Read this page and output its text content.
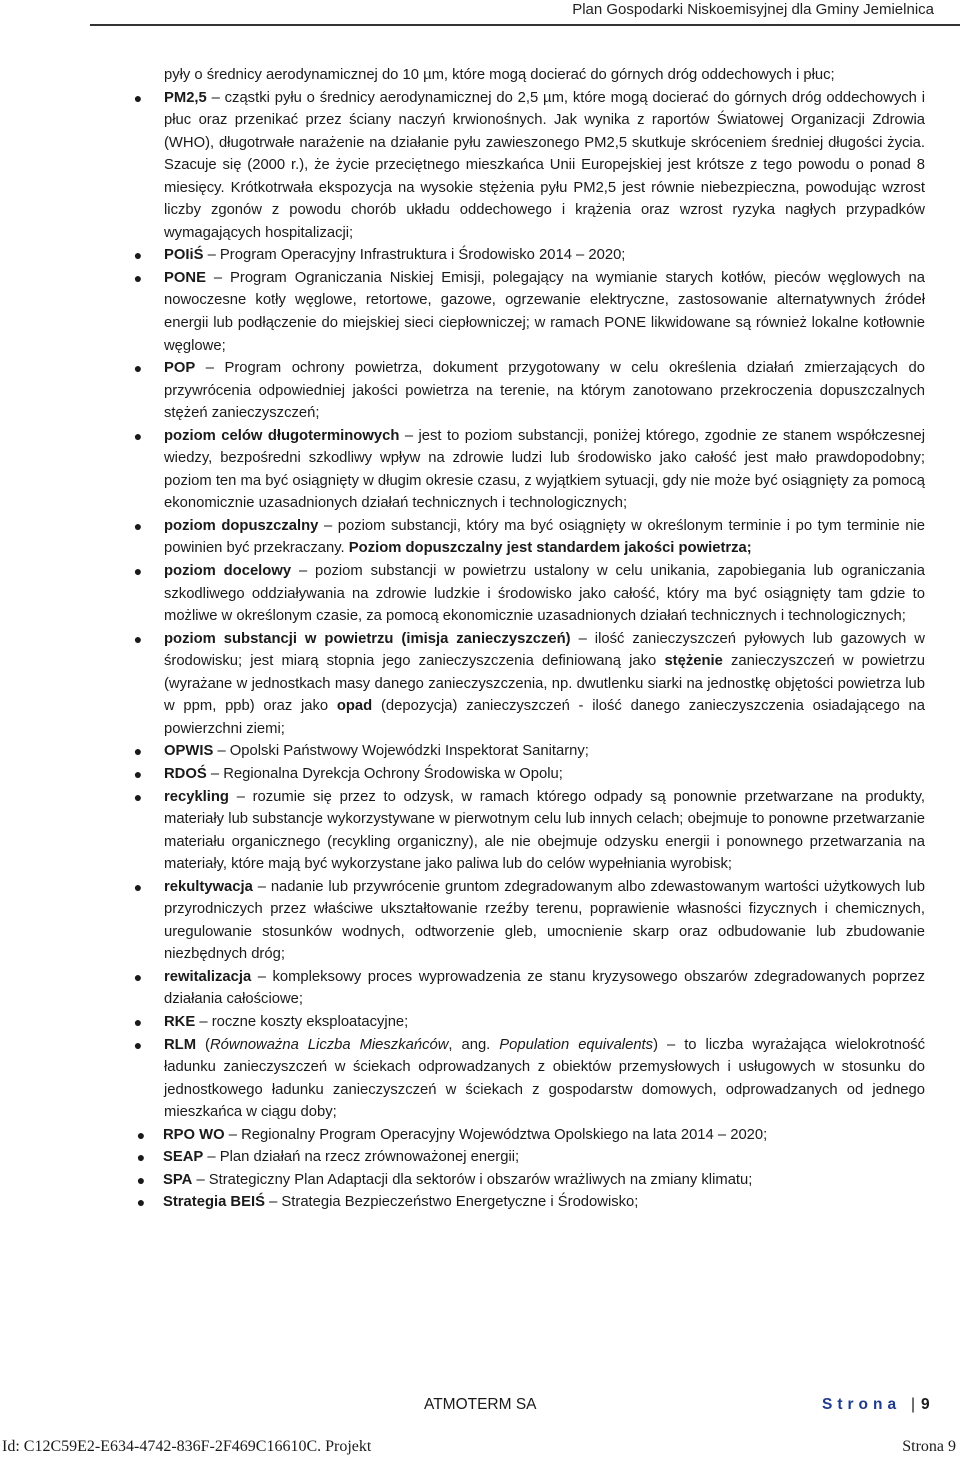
Plan Gospodarki Niskoemisyjnej dla Gminy Jemielnica
pyły o średnicy aerodynamicznej do 10 µm, które mogą docierać do górnych dróg oddechowych i płuc;
● PM2,5 – cząstki pyłu o średnicy aerodynamicznej do 2,5 µm, które mogą docierać do górnych dróg oddechowych i płuc oraz przenikać przez ściany naczyń krwionośnych. Jak wynika z raportów Światowej Organizacji Zdrowia (WHO), długotrwałe narażenie na działanie pyłu zawieszonego PM2,5 skutkuje skróceniem średniej długości życia. Szacuje się (2000 r.), że życie przeciętnego mieszkańca Unii Europejskiej jest krótsze z tego powodu o ponad 8 miesięcy. Krótkotrwała ekspozycja na wysokie stężenia pyłu PM2,5 jest równie niebezpieczna, powodując wzrost liczby zgonów z powodu chorób układu oddechowego i krążenia oraz wzrost ryzyka nagłych przypadków wymagających hospitalizacji;
● POIiŚ – Program Operacyjny Infrastruktura i Środowisko 2014 – 2020;
● PONE – Program Ograniczania Niskiej Emisji, polegający na wymianie starych kotłów, pieców węglowych na nowoczesne kotły węglowe, retortowe, gazowe, ogrzewanie elektryczne, zastosowanie alternatywnych źródeł energii lub podłączenie do miejskiej sieci ciepłowniczej; w ramach PONE likwidowane są również lokalne kotłownie węglowe;
● POP – Program ochrony powietrza, dokument przygotowany w celu określenia działań zmierzających do przywrócenia odpowiedniej jakości powietrza na terenie, na którym zanotowano przekroczenia dopuszczalnych stężeń zanieczyszczeń;
● poziom celów długoterminowych – jest to poziom substancji, poniżej którego, zgodnie ze stanem współczesnej wiedzy, bezpośredni szkodliwy wpływ na zdrowie ludzi lub środowisko jako całość jest mało prawdopodobny; poziom ten ma być osiągnięty w długim okresie czasu, z wyjątkiem sytuacji, gdy nie może być osiągnięty za pomocą ekonomicznie uzasadnionych działań technicznych i technologicznych;
● poziom dopuszczalny – poziom substancji, który ma być osiągnięty w określonym terminie i po tym terminie nie powinien być przekraczany. Poziom dopuszczalny jest standardem jakości powietrza;
● poziom docelowy – poziom substancji w powietrzu ustalony w celu unikania, zapobiegania lub ograniczania szkodliwego oddziaływania na zdrowie ludzkie i środowisko jako całość, który ma być osiągnięty tam gdzie to możliwe w określonym czasie, za pomocą ekonomicznie uzasadnionych działań technicznych i technologicznych;
● poziom substancji w powietrzu (imisja zanieczyszczeń) – ilość zanieczyszczeń pyłowych lub gazowych w środowisku; jest miarą stopnia jego zanieczyszczenia definiowaną jako stężenie zanieczyszczeń w powietrzu (wyrażane w jednostkach masy danego zanieczyszczenia, np. dwutlenku siarki na jednostkę objętości powietrza lub w ppm, ppb) oraz jako opad (depozycja) zanieczyszczeń - ilość danego zanieczyszczenia osiadającego na powierzchni ziemi;
● OPWIS – Opolski Państwowy Wojewódzki Inspektorat Sanitarny;
● RDOŚ – Regionalna Dyrekcja Ochrony Środowiska w Opolu;
● recykling – rozumie się przez to odzysk, w ramach którego odpady są ponownie przetwarzane na produkty, materiały lub substancje wykorzystywane w pierwotnym celu lub innych celach; obejmuje to ponowne przetwarzanie materiału organicznego (recykling organiczny), ale nie obejmuje odzysku energii i ponownego przetwarzania na materiały, które mają być wykorzystane jako paliwa lub do celów wypełniania wyrobisk;
● rekultywacja – nadanie lub przywrócenie gruntom zdegradowanym albo zdewastowanym wartości użytkowych lub przyrodniczych przez właściwe ukształtowanie rzeźby terenu, poprawienie własności fizycznych i chemicznych, uregulowanie stosunków wodnych, odtworzenie gleb, umocnienie skarp oraz odbudowanie lub zbudowanie niezbędnych dróg;
● rewitalizacja – kompleksowy proces wyprowadzenia ze stanu kryzysowego obszarów zdegradowanych poprzez działania całościowe;
● RKE – roczne koszty eksploatacyjne;
● RLM (Równoważna Liczba Mieszkańców, ang. Population equivalents) – to liczba wyrażająca wielokrotność ładunku zanieczyszczeń w ściekach odprowadzanych z obiektów przemysłowych i usługowych w stosunku do jednostkowego ładunku zanieczyszczeń w ściekach z gospodarstw domowych, odprowadzanych od jednego mieszkańca w ciągu doby;
● RPO WO – Regionalny Program Operacyjny Województwa Opolskiego na lata 2014 – 2020;
● SEAP – Plan działań na rzecz zrównoważonej energii;
● SPA – Strategiczny Plan Adaptacji dla sektorów i obszarów wrażliwych na zmiany klimatu;
● Strategia BEIŚ – Strategia Bezpieczeństwo Energetyczne i Środowisko;
ATMOTERM SA	Strona | 9
Id: C12C59E2-E634-4742-836F-2F469C16610C. Projekt	Strona 9
